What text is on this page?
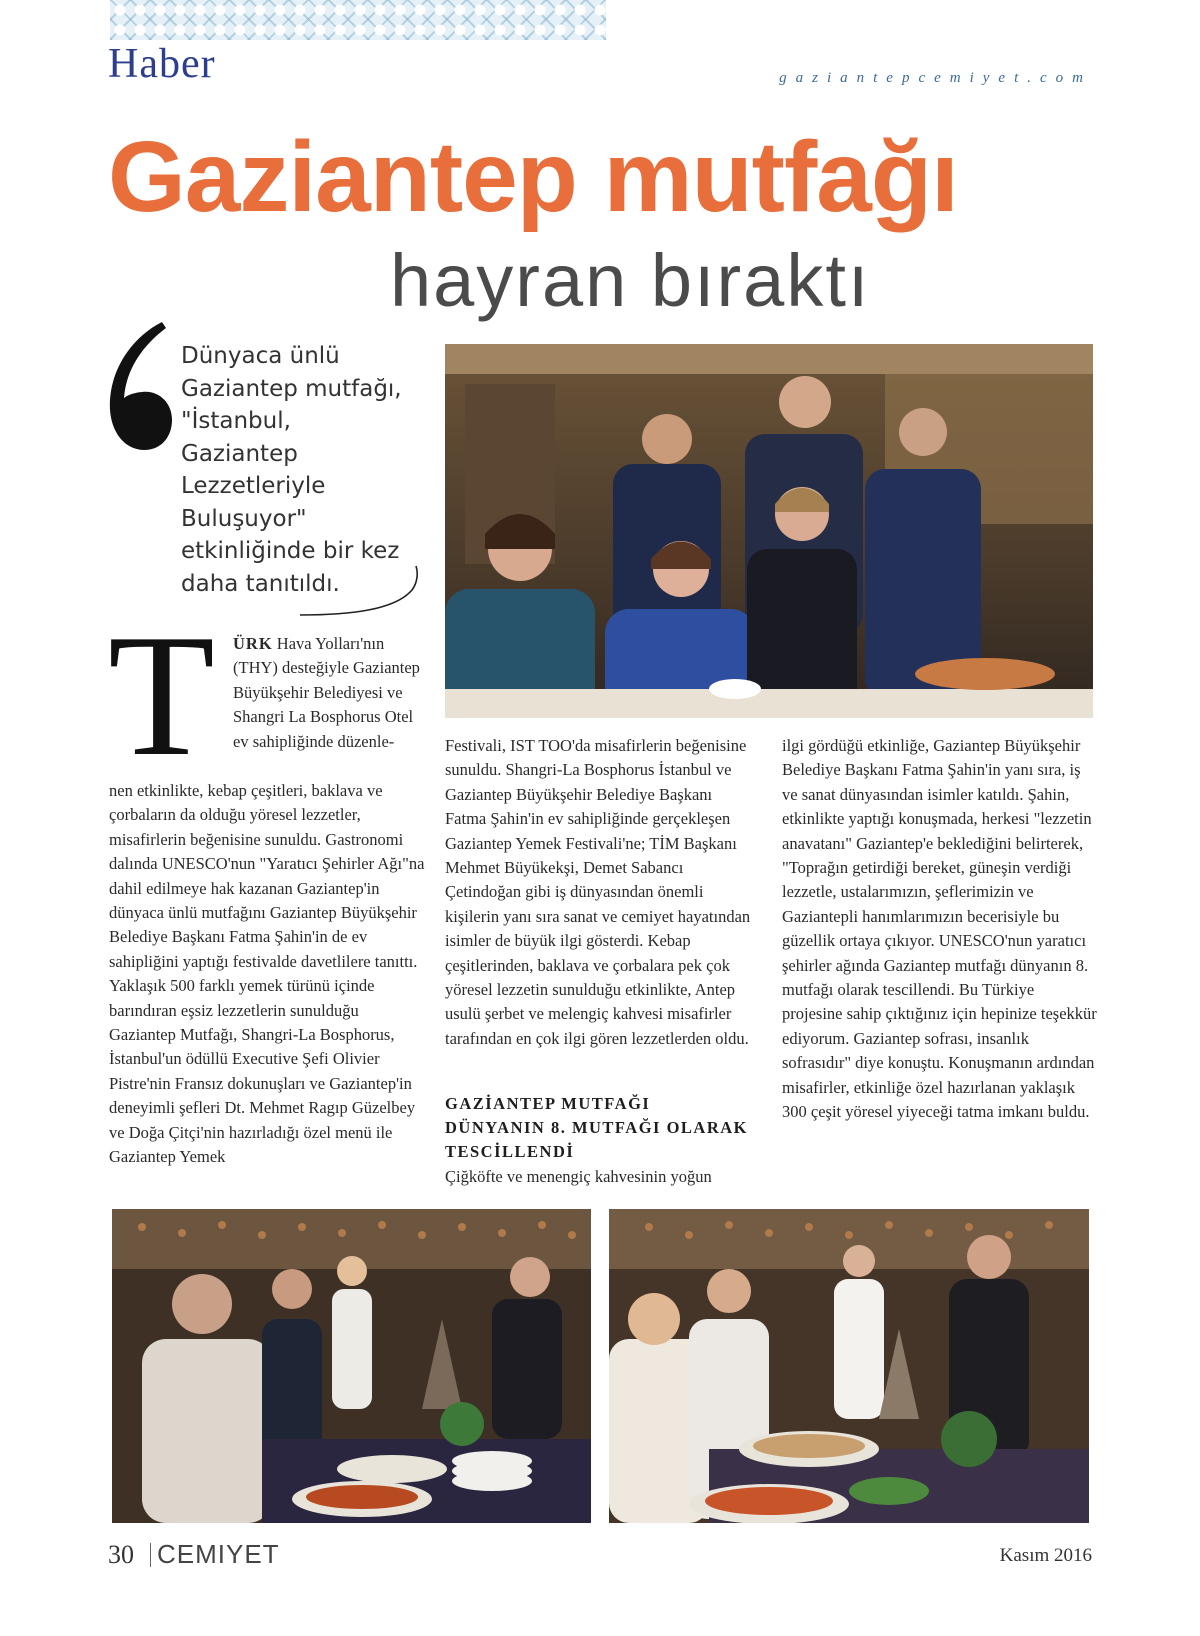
Haber	gaziantepcemiyet.com
Gaziantep mutfağı
hayran bıraktı
Dünyaca ünlü Gaziantep mutfağı, "İstanbul, Gaziantep Lezzetleriyle Buluşuyor" etkinliğinde bir kez daha tanıtıldı.
T ÜRK Hava Yolları'nın (THY) desteğiyle Gaziantep Büyükşehir Belediyesi ve Shangri La Bosphorus Otel ev sahipliğinde düzenle-
nen etkinlikte, kebap çeşitleri, baklava ve çorbaların da olduğu yöresel lezzetler, misafirlerin beğenisine sunuldu. Gastronomi dalında UNESCO'nun "Yaratıcı Şehirler Ağı"na dahil edilmeye hak kazanan Gaziantep'in dünyaca ünlü mutfağını Gaziantep Büyükşehir Belediye Başkanı Fatma Şahin'in de ev sahipliğini yaptığı festivalde davetlilere tanıttı. Yaklaşık 500 farklı yemek türünü içinde barındıran eşsiz lezzetlerin sunulduğu Gaziantep Mutfağı, Shangri-La Bosphorus, İstanbul'un ödüllü Executive Şefi Olivier Pistre'nin Fransız dokunuşları ve Gaziantep'in deneyimli şefleri Dt. Mehmet Ragıp Güzelbey ve Doğa Çitçi'nin hazırladığı özel menü ile Gaziantep Yemek
Festivali, IST TOO'da misafirlerin beğenisine sunuldu. Shangri-La Bosphorus İstanbul ve Gaziantep Büyükşehir Belediye Başkanı Fatma Şahin'in ev sahipliğinde gerçekleşen Gaziantep Yemek Festivali'ne; TİM Başkanı Mehmet Büyükekşi, Demet Sabancı Çetindoğan gibi iş dünyasından önemli kişilerin yanı sıra sanat ve cemiyet hayatından isimler de büyük ilgi gösterdi. Kebap çeşitlerinden, baklava ve çorbalara pek çok yöresel lezzetin sunulduğu etkinlikte, Antep usulü şerbet ve melengiç kahvesi misafirler tarafından en çok ilgi gören lezzetlerden oldu.
GAZİANTEP MUTFAĞI DÜNYANIN 8. MUTFAĞI OLARAK TESCİLLENDİ
Çiğköfte ve menengiç kahvesinin yoğun
ilgi gördüğü etkinliğe, Gaziantep Büyükşehir Belediye Başkanı Fatma Şahin'in yanı sıra, iş ve sanat dünyasından isimler katıldı. Şahin, etkinlikte yaptığı konuşmada, herkesi "lezzetin anavatanı" Gaziantep'e beklediğini belirterek, "Toprağın getirdiği bereket, güneşin verdiği lezzetle, ustalarımızın, şeflerimizin ve Gaziantepli hanımlarımızın becerisiyle bu güzellik ortaya çıkıyor. UNESCO'nun yaratıcı şehirler ağında Gaziantep mutfağı dünyanın 8. mutfağı olarak tescillendi. Bu Türkiye projesine sahip çıktığınız için hepinize teşekkür ediyorum. Gaziantep sofrası, insanlık sofrasıdır" diye konuştu. Konuşmanın ardından misafirler, etkinliğe özel hazırlanan yaklaşık 300 çeşit yöresel yiyeceği tatma imkanı buldu.
30 CEMIYET	Kasım 2016
